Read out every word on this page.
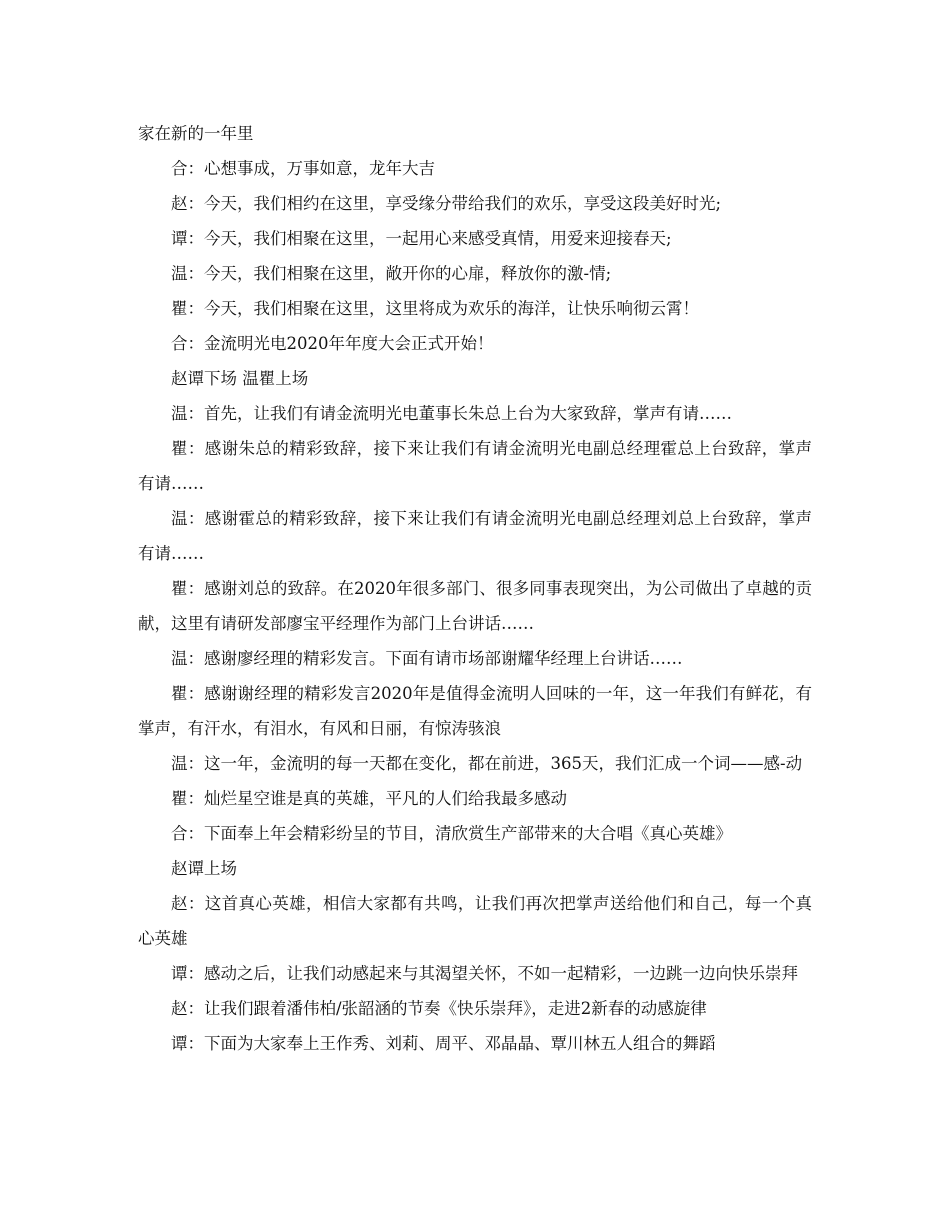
家在新的一年里

合：心想事成，万事如意，龙年大吉

赵：今天，我们相约在这里，享受缘分带给我们的欢乐，享受这段美好时光;

谭：今天，我们相聚在这里，一起用心来感受真情，用爱来迎接春天;

温：今天，我们相聚在这里，敞开你的心扉，释放你的激-情;

瞿：今天，我们相聚在这里，这里将成为欢乐的海洋，让快乐响彻云霄！

合：金流明光电2020年年度大会正式开始！

赵谭下场 温瞿上场

温：首先，让我们有请金流明光电董事长朱总上台为大家致辞，掌声有请……

瞿：感谢朱总的精彩致辞，接下来让我们有请金流明光电副总经理霍总上台致辞，掌声有请……

温：感谢霍总的精彩致辞，接下来让我们有请金流明光电副总经理刘总上台致辞，掌声有请……

瞿：感谢刘总的致辞。在2020年很多部门、很多同事表现突出，为公司做出了卓越的贡献，这里有请研发部廖宝平经理作为部门上台讲话……

温：感谢廖经理的精彩发言。下面有请市场部谢耀华经理上台讲话……

瞿：感谢谢经理的精彩发言2020年是值得金流明人回味的一年，这一年我们有鲜花，有掌声，有汗水，有泪水，有风和日丽，有惊涛骇浪

温：这一年，金流明的每一天都在变化，都在前进，365天，我们汇成一个词——感-动

瞿：灿烂星空谁是真的英雄，平凡的人们给我最多感动

合：下面奉上年会精彩纷呈的节目，清欣赏生产部带来的大合唱《真心英雄》

赵谭上场

赵：这首真心英雄，相信大家都有共鸣，让我们再次把掌声送给他们和自己，每一个真心英雄

谭：感动之后，让我们动感起来与其渴望关怀，不如一起精彩，一边跳一边向快乐崇拜

赵：让我们跟着潘伟柏/张韶涵的节奏《快乐崇拜》，走进2新春的动感旋律

谭：下面为大家奉上王作秀、刘莉、周平、邓晶晶、覃川林五人组合的舞蹈
